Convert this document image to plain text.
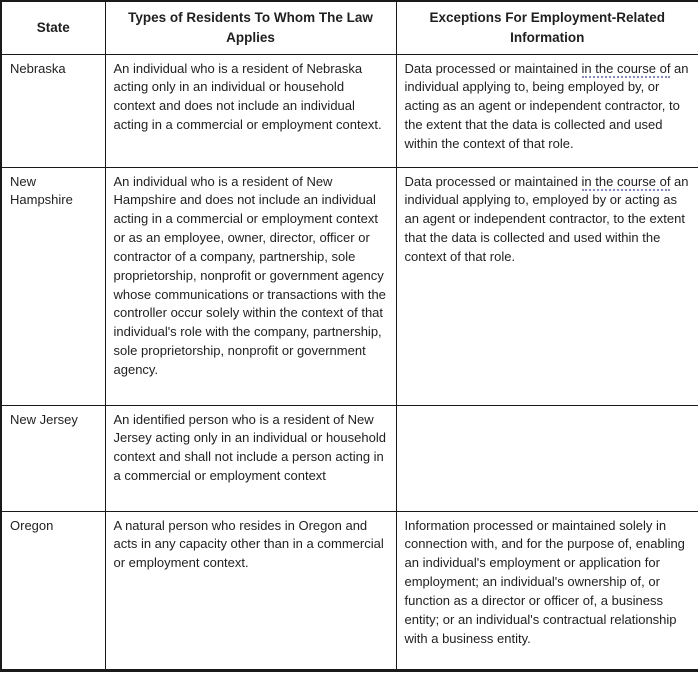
State	Types of Residents To Whom The Law Applies	Exceptions For Employment-Related Information
Nebraska	An individual who is a resident of Nebraska acting only in an individual or household context and does not include an individual acting in a commercial or employment context.	Data processed or maintained in the course of an individual applying to, being employed by, or acting as an agent or independent contractor, to the extent that the data is collected and used within the context of that role.
New Hampshire	An individual who is a resident of New Hampshire and does not include an individual acting in a commercial or employment context or as an employee, owner, director, officer or contractor of a company, partnership, sole proprietorship, nonprofit or government agency whose communications or transactions with the controller occur solely within the context of that individual's role with the company, partnership, sole proprietorship, nonprofit or government agency.	Data processed or maintained in the course of an individual applying to, employed by or acting as an agent or independent contractor, to the extent that the data is collected and used within the context of that role.
New Jersey	An identified person who is a resident of New Jersey acting only in an individual or household context and shall not include a person acting in a commercial or employment context	
Oregon	A natural person who resides in Oregon and acts in any capacity other than in a commercial or employment context.	Information processed or maintained solely in connection with, and for the purpose of, enabling an individual's employment or application for employment; an individual's ownership of, or function as a director or officer of, a business entity; or an individual's contractual relationship with a business entity.
